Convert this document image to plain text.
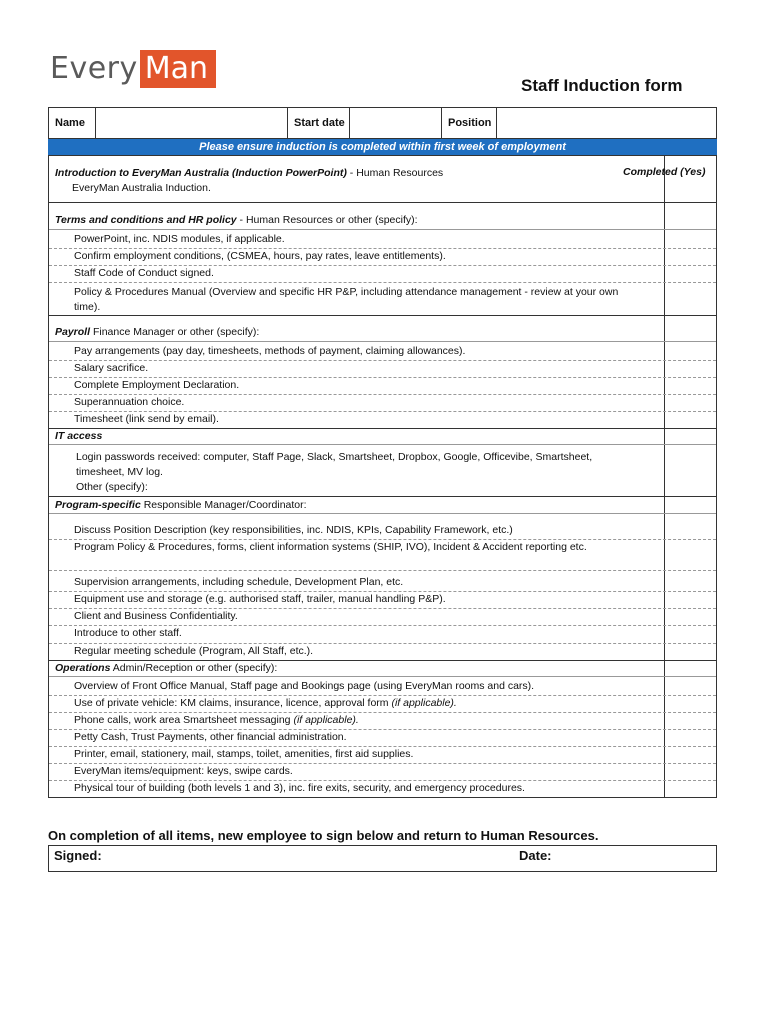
Every Man	Staff Induction form
Name	Start date	Position
Please ensure induction is completed within first week of employment
Completed (Yes)
Introduction to EveryMan Australia (Induction PowerPoint) - Human Resources
EveryMan Australia Induction.
Terms and conditions and HR policy - Human Resources or other (specify):
PowerPoint, inc. NDIS modules, if applicable.
Confirm employment conditions, (CSMEA, hours, pay rates, leave entitlements).
Staff Code of Conduct signed.
Policy & Procedures Manual (Overview and specific HR P&P, including attendance management - review at your own time).
Payroll Finance Manager or other (specify):
Pay arrangements (pay day, timesheets, methods of payment, claiming allowances).
Salary sacrifice.
Complete Employment Declaration.
Superannuation choice.
Timesheet (link send by email).
IT access
Login passwords received: computer, Staff Page, Slack, Smartsheet, Dropbox, Google, Officevibe, Smartsheet, timesheet, MV log.
Other (specify):
Program-specific Responsible Manager/Coordinator:
Discuss Position Description (key responsibilities, inc. NDIS, KPIs, Capability Framework, etc.)
Program Policy & Procedures, forms, client information systems (SHIP, IVO), Incident & Accident reporting etc.
Supervision arrangements, including schedule, Development Plan, etc.
Equipment use and storage (e.g. authorised staff, trailer, manual handling P&P).
Client and Business Confidentiality.
Introduce to other staff.
Regular meeting schedule (Program, All Staff, etc.).
Operations Admin/Reception or other (specify):
Overview of Front Office Manual, Staff page and Bookings page (using EveryMan rooms and cars).
Use of private vehicle: KM claims, insurance, licence, approval form (if applicable).
Phone calls, work area Smartsheet messaging (if applicable).
Petty Cash, Trust Payments, other financial administration.
Printer, email, stationery, mail, stamps, toilet, amenities, first aid supplies.
EveryMan items/equipment: keys, swipe cards.
Physical tour of building (both levels 1 and 3), inc. fire exits, security, and emergency procedures.
On completion of all items, new employee to sign below and return to Human Resources.
Signed:	Date:
